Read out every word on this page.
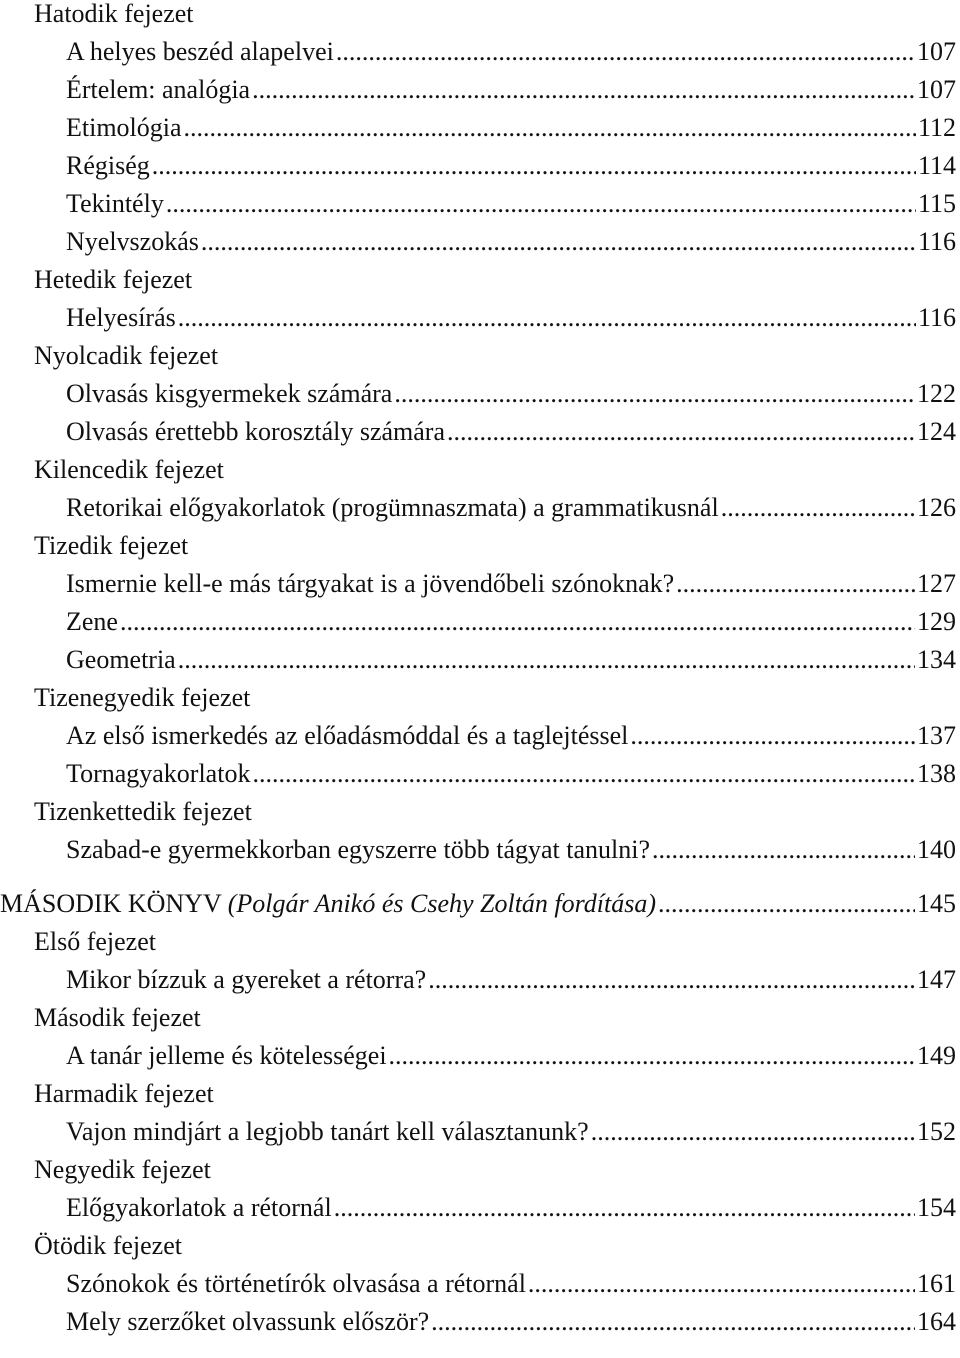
Hatodik fejezet
A helyes beszéd alapelvei .....	107
Értelem: analógia .....	107
Etimológia .....	112
Régiség .....	114
Tekintély .....	115
Nyelvszokás .....	116
Hetedik fejezet
Helyesírás .....	116
Nyolcadik fejezet
Olvasás kisgyermekek számára .....	122
Olvasás érettebb korosztály számára .....	124
Kilencedik fejezet
Retorikai előgyakorlatok (progümnaszmata) a grammatikusnál .....	126
Tizedik fejezet
Ismernie kell-e más tárgyakat is a jövendőbeli szónoknak? .....	127
Zene .....	129
Geometria .....	134
Tizenegyedik fejezet
Az első ismerkedés az előadásmóddal és a taglejtéssel .....	137
Tornagyakorlatok .....	138
Tizenkettedik fejezet
Szabad-e gyermekkorban egyszerre több tágyat tanulni? .....	140
MÁSODIK KÖNYV (Polgár Anikó és Csehy Zoltán fordítása) .....	145
Első fejezet
Mikor bízzuk a gyereket a rétorra? .....	147
Második fejezet
A tanár jelleme és kötelességei .....	149
Harmadik fejezet
Vajon mindjárt a legjobb tanárt kell választanunk? .....	152
Negyedik fejezet
Előgyakorlatok a rétornál .....	154
Ötödik fejezet
Szónokok és történetírók olvasása a rétornál .....	161
Mely szerzőket olvassunk először? .....	164
